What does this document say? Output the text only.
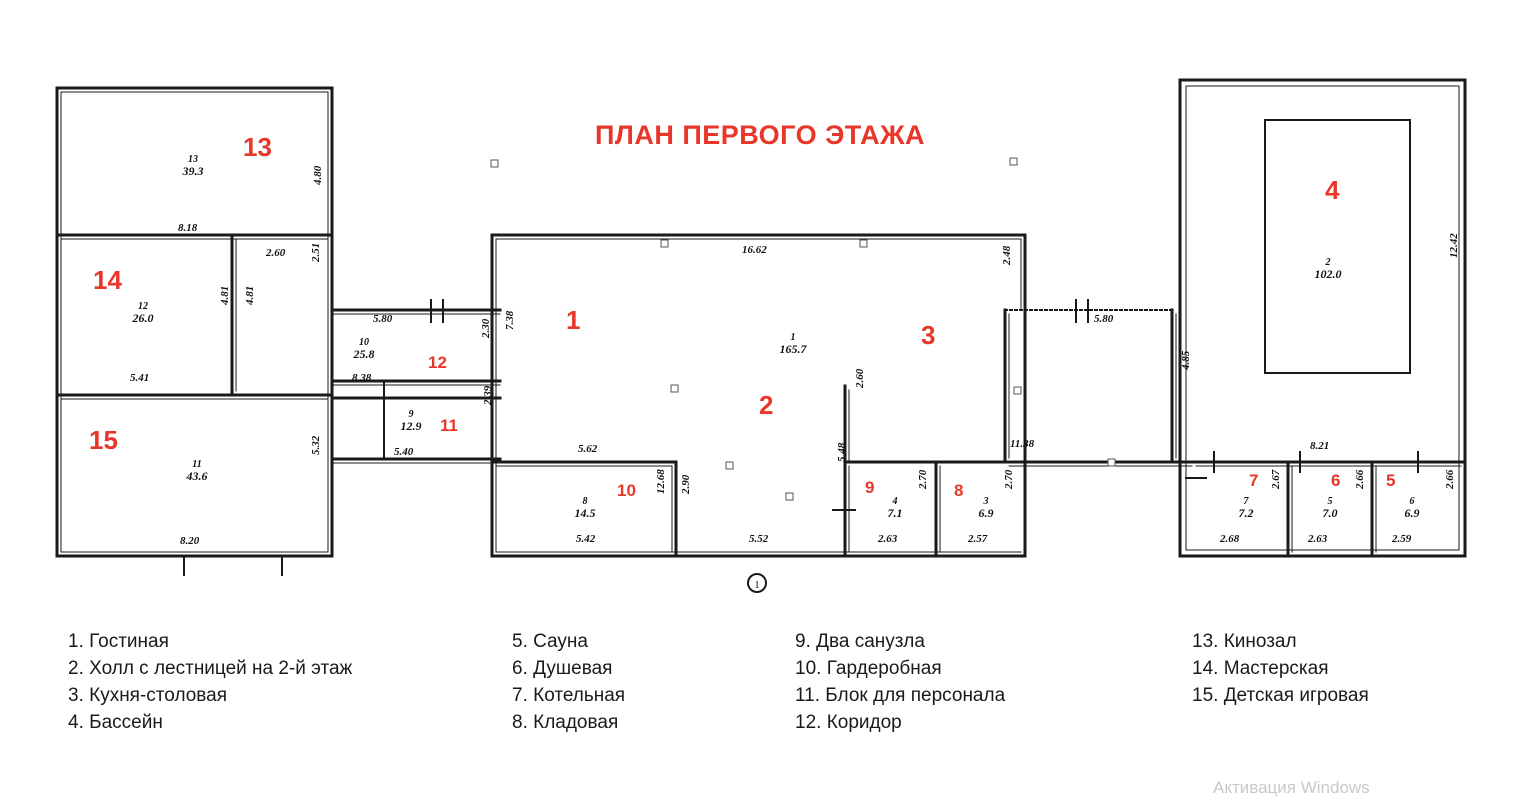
1
ПЛАН ПЕРВОГО ЭТАЖА
1
2
3
4
5
6
7
8
9
10
11
12
13
14
15
13
39.3
12
26.0
11
43.6
10
25.8
9
12.9
8
14.5
4
7.1
3
6.9
7
7.2
5
7.0
6
6.9
1
165.7
2
102.0
4.80
8.18
2.60 2.51
5.80
4.81 4.81
5.41	8.38
2.30 7.38
2.39
5.40
5.32
8.20
16.62
5.62
5.42	5.52
12.68 2.90
5.48
2.60
2.70	2.70
2.63	2.57
11.38
2.48
5.80
4.85
12.42
8.21
2.67	2.66	2.66
2.68	2.63	2.59
1. Гостиная
2. Холл с лестницей на 2-й этаж
3. Кухня-столовая
4. Бассейн
5. Сауна
6. Душевая
7. Котельная
8. Кладовая
9. Два санузла
10. Гардеробная
11. Блок для персонала
12. Коридор
13. Кинозал
14. Мастерская
15. Детская игровая
Активация Windows
